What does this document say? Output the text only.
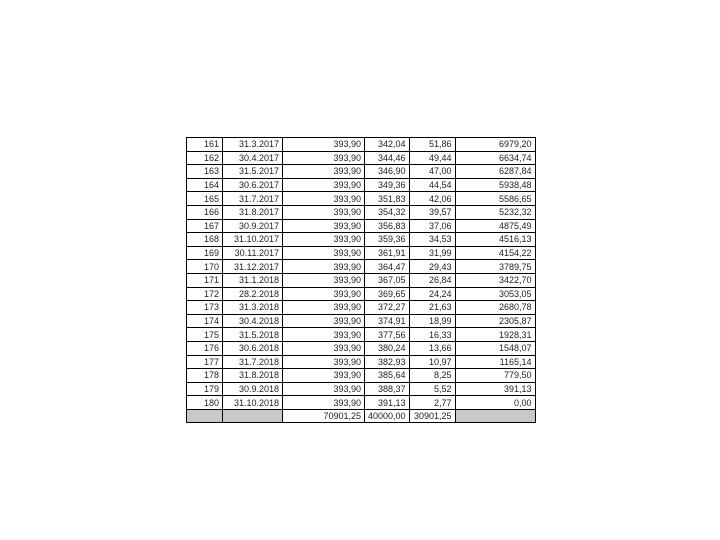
161	31.3.2017	393,90	342,04	51,86	6979,20
162	30.4.2017	393,90	344,46	49,44	6634,74
163	31.5.2017	393,90	346,90	47,00	6287,84
164	30.6.2017	393,90	349,36	44,54	5938,48
165	31.7.2017	393,90	351,83	42,06	5586,65
166	31.8.2017	393,90	354,32	39,57	5232,32
167	30.9.2017	393,90	356,83	37,06	4875,49
168	31.10.2017	393,90	359,36	34,53	4516,13
169	30.11.2017	393,90	361,91	31,99	4154,22
170	31.12.2017	393,90	364,47	29,43	3789,75
171	31.1.2018	393,90	367,05	26,84	3422,70
172	28.2.2018	393,90	369,65	24,24	3053,05
173	31.3.2018	393,90	372,27	21,63	2680,78
174	30.4.2018	393,90	374,91	18,99	2305,87
175	31.5.2018	393,90	377,56	16,33	1928,31
176	30.6.2018	393,90	380,24	13,66	1548,07
177	31.7.2018	393,90	382,93	10,97	1165,14
178	31.8.2018	393,90	385,64	8,25	779,50
179	30.9.2018	393,90	388,37	5,52	391,13
180	31.10.2018	393,90	391,13	2,77	0,00
		70901,25	40000,00	30901,25	
